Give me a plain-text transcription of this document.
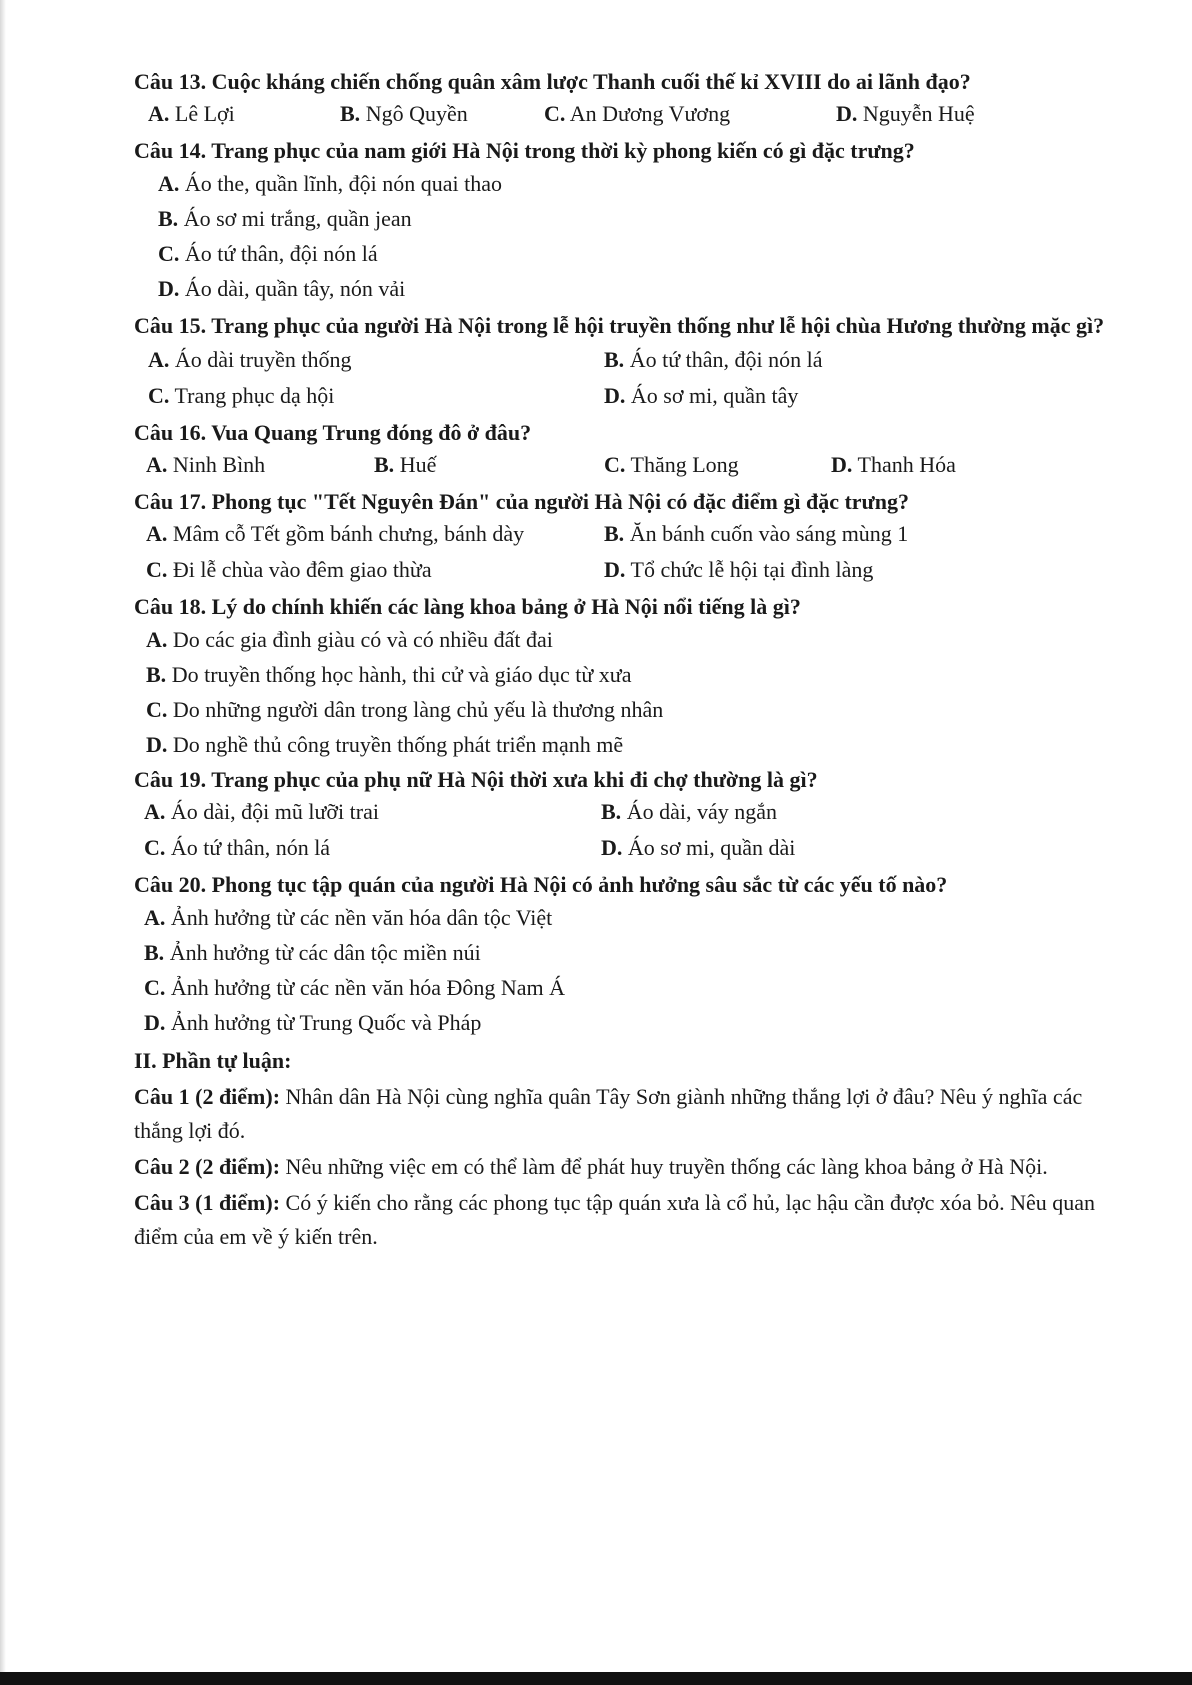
Câu 13. Cuộc kháng chiến chống quân xâm lược Thanh cuối thế kỉ XVIII do ai lãnh đạo?
A. Lê Lợi	B. Ngô Quyền	C. An Dương Vương	D. Nguyễn Huệ
Câu 14. Trang phục của nam giới Hà Nội trong thời kỳ phong kiến có gì đặc trưng?
A. Áo the, quần lĩnh, đội nón quai thao
B. Áo sơ mi trắng, quần jean
C. Áo tứ thân, đội nón lá
D. Áo dài, quần tây, nón vải
Câu 15. Trang phục của người Hà Nội trong lễ hội truyền thống như lễ hội chùa Hương thường mặc gì?
A. Áo dài truyền thống	B. Áo tứ thân, đội nón lá
C. Trang phục dạ hội	D. Áo sơ mi, quần tây
Câu 16. Vua Quang Trung đóng đô ở đâu?
A. Ninh Bình	B. Huế	C. Thăng Long	D. Thanh Hóa
Câu 17. Phong tục "Tết Nguyên Đán" của người Hà Nội có đặc điểm gì đặc trưng?
A. Mâm cỗ Tết gồm bánh chưng, bánh dày	B. Ăn bánh cuốn vào sáng mùng 1
C. Đi lễ chùa vào đêm giao thừa	D. Tổ chức lễ hội tại đình làng
Câu 18. Lý do chính khiến các làng khoa bảng ở Hà Nội nổi tiếng là gì?
A. Do các gia đình giàu có và có nhiều đất đai
B. Do truyền thống học hành, thi cử và giáo dục từ xưa
C. Do những người dân trong làng chủ yếu là thương nhân
D. Do nghề thủ công truyền thống phát triển mạnh mẽ
Câu 19. Trang phục của phụ nữ Hà Nội thời xưa khi đi chợ thường là gì?
A. Áo dài, đội mũ lưỡi trai	B. Áo dài, váy ngắn
C. Áo tứ thân, nón lá	D. Áo sơ mi, quần dài
Câu 20. Phong tục tập quán của người Hà Nội có ảnh hưởng sâu sắc từ các yếu tố nào?
A. Ảnh hưởng từ các nền văn hóa dân tộc Việt
B. Ảnh hưởng từ các dân tộc miền núi
C. Ảnh hưởng từ các nền văn hóa Đông Nam Á
D. Ảnh hưởng từ Trung Quốc và Pháp
II. Phần tự luận:
Câu 1 (2 điểm): Nhân dân Hà Nội cùng nghĩa quân Tây Sơn giành những thắng lợi ở đâu? Nêu ý nghĩa các thắng lợi đó.
Câu 2 (2 điểm): Nêu những việc em có thể làm để phát huy truyền thống các làng khoa bảng ở Hà Nội.
Câu 3 (1 điểm): Có ý kiến cho rằng các phong tục tập quán xưa là cổ hủ, lạc hậu cần được xóa bỏ. Nêu quan điểm của em về ý kiến trên.
